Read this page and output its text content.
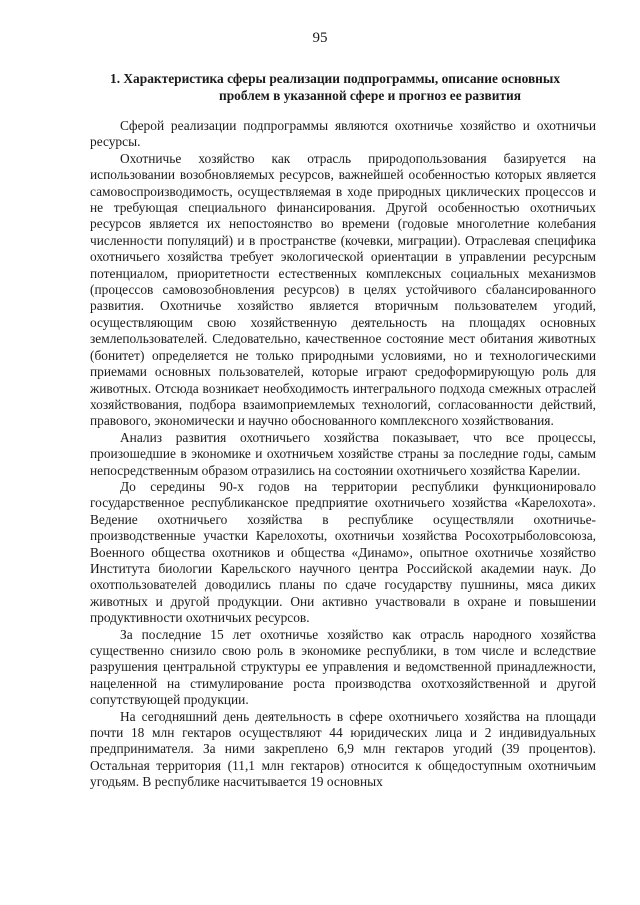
95
1. Характеристика сферы реализации подпрограммы, описание основных
проблем в указанной сфере и прогноз ее развития

Сферой реализации подпрограммы являются охотничье хозяйство и охотничьи ресурсы.

Охотничье хозяйство как отрасль природопользования базируется на использовании возобновляемых ресурсов, важнейшей особенностью которых является самовоспроизводимость, осуществляемая в ходе природных циклических процессов и не требующая специального финансирования. Другой особенностью охотничьих ресурсов является их непостоянство во времени (годовые многолетние колебания численности популяций) и в пространстве (кочевки, миграции). Отраслевая специфика охотничьего хозяйства требует экологической ориентации в управлении ресурсным потенциалом, приоритетности естественных комплексных социальных механизмов (процессов самовозобновления ресурсов) в целях устойчивого сбалансированного развития. Охотничье хозяйство является вторичным пользователем угодий, осуществляющим свою хозяйственную деятельность на площадях основных землепользователей. Следовательно, качественное состояние мест обитания животных (бонитет) определяется не только природными условиями, но и технологическими приемами основных пользователей, которые играют средоформирующую роль для животных. Отсюда возникает необходимость интегрального подхода смежных отраслей хозяйствования, подбора взаимоприемлемых технологий, согласованности действий, правового, экономически и научно обоснованного комплексного хозяйствования.

Анализ развития охотничьего хозяйства показывает, что все процессы, произошедшие в экономике и охотничьем хозяйстве страны за последние годы, самым непосредственным образом отразились на состоянии охотничьего хозяйства Карелии.

До середины 90-х годов на территории республики функционировало государственное республиканское предприятие охотничьего хозяйства «Карелохота». Ведение охотничьего хозяйства в республике осуществляли охотничье-производственные участки Карелохоты, охотничьи хозяйства Росохотрыболовсоюза, Военного общества охотников и общества «Динамо», опытное охотничье хозяйство Института биологии Карельского научного центра Российской академии наук. До охотпользователей доводились планы по сдаче государству пушнины, мяса диких животных и другой продукции. Они активно участвовали в охране и повышении продуктивности охотничьих ресурсов.

За последние 15 лет охотничье хозяйство как отрасль народного хозяйства существенно снизило свою роль в экономике республики, в том числе и вследствие разрушения центральной структуры ее управления и ведомственной принадлежности, нацеленной на стимулирование роста производства охотхозяйственной и другой сопутствующей продукции.

На сегодняшний день деятельность в сфере охотничьего хозяйства на площади почти 18 млн гектаров осуществляют 44 юридических лица и 2 индивидуальных предпринимателя. За ними закреплено 6,9 млн гектаров угодий (39 процентов). Остальная территория (11,1 млн гектаров) относится к общедоступным охотничьим угодьям. В республике насчитывается 19 основных
